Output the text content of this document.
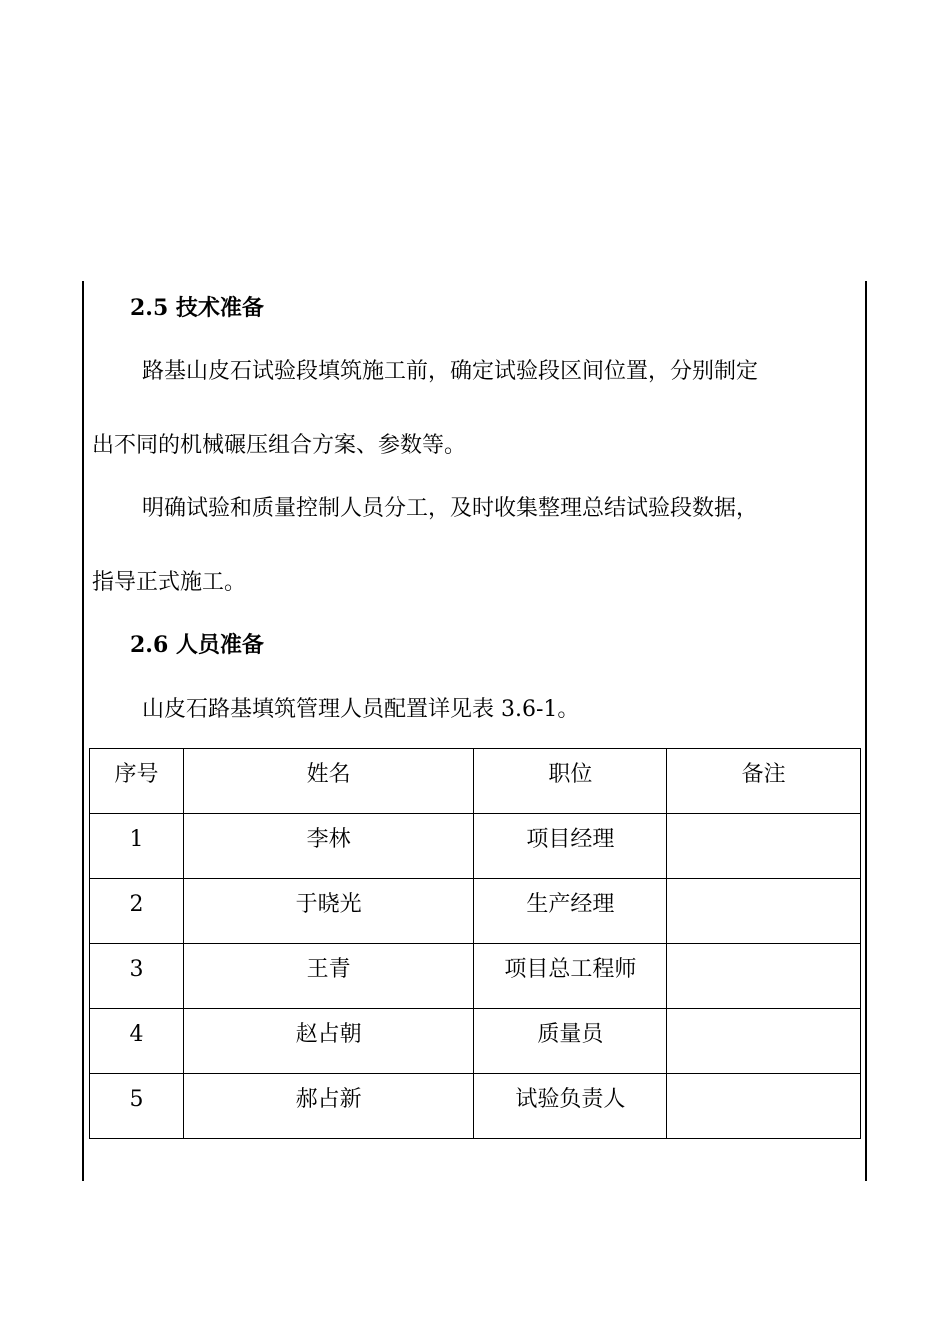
2.5 技术准备
路基山皮石试验段填筑施工前，确定试验段区间位置，分别制定
出不同的机械碾压组合方案、参数等。
明确试验和质量控制人员分工，及时收集整理总结试验段数据，
指导正式施工。
2.6 人员准备
山皮石路基填筑管理人员配置详见表 3.6-1。
序号	姓名	职位	备注

1	李林	项目经理	

2	于晓光	生产经理	

3	王青	项目总工程师	

4	赵占朝	质量员	

5	郝占新	试验负责人	
